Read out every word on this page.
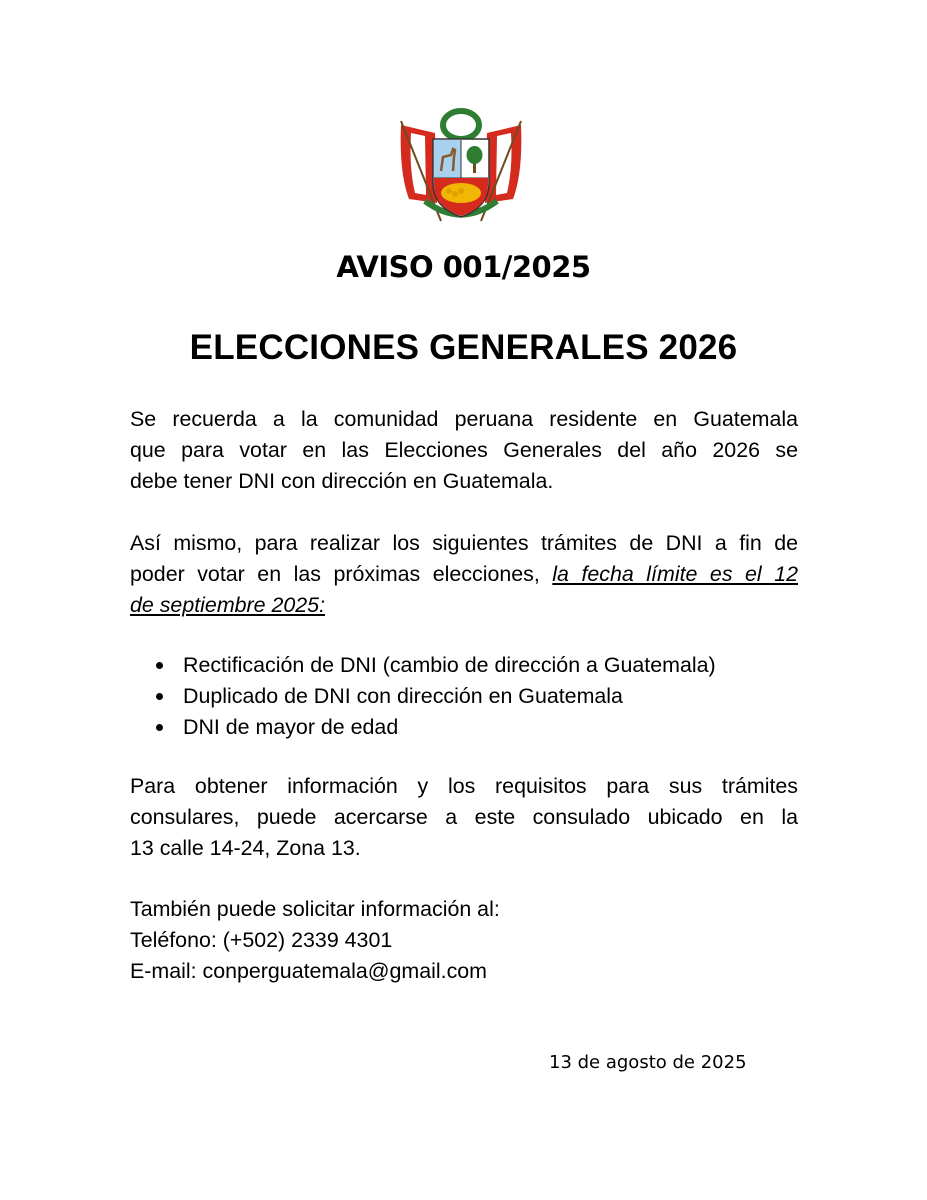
AVISO 001/2025
ELECCIONES GENERALES 2026
Se recuerda a la comunidad peruana residente en Guatemala
que para votar en las Elecciones Generales del año 2026 se
debe tener DNI con dirección en Guatemala.
Así mismo, para realizar los siguientes trámites de DNI a fin de
poder votar en las próximas elecciones, la fecha límite es el 12
de septiembre 2025:
Rectificación de DNI (cambio de dirección a Guatemala)
Duplicado de DNI con dirección en Guatemala
DNI de mayor de edad
Para obtener información y los requisitos para sus trámites
consulares, puede acercarse a este consulado ubicado en la
13 calle 14-24, Zona 13.
También puede solicitar información al:
Teléfono: (+502) 2339 4301
E-mail: conperguatemala@gmail.com
13 de agosto de 2025
